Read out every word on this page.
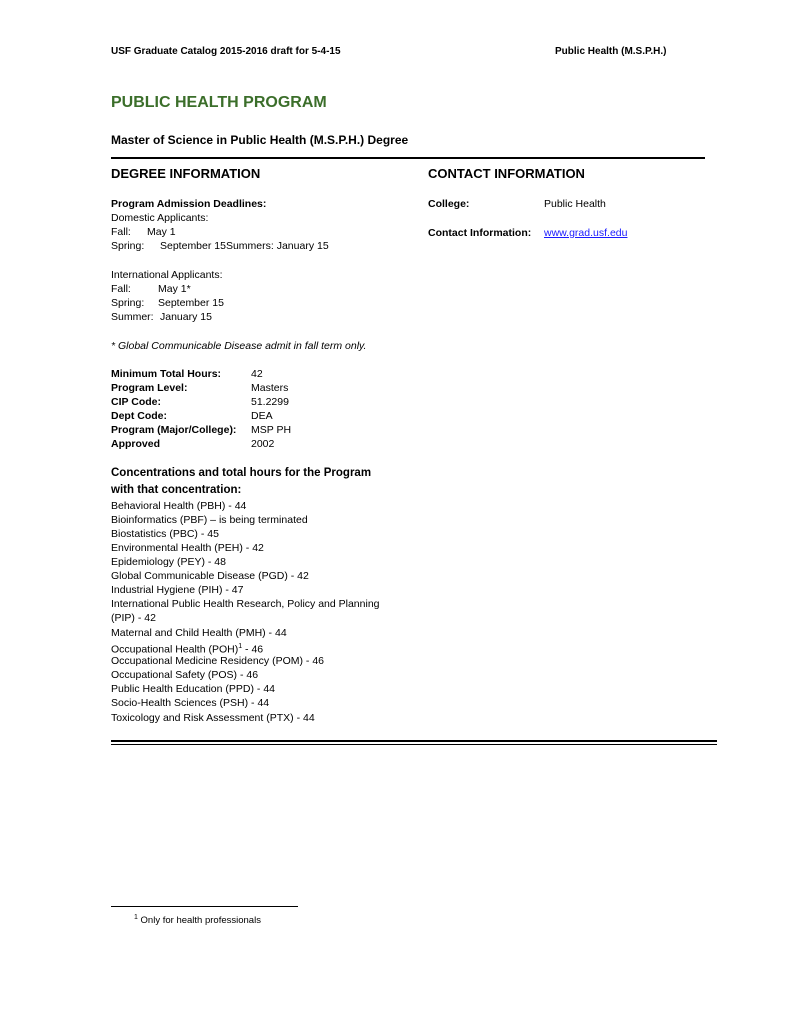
USF Graduate Catalog 2015-2016 draft for 5-4-15	Public Health (M.S.P.H.)
PUBLIC HEALTH PROGRAM
Master of Science in Public Health (M.S.P.H.) Degree
DEGREE INFORMATION	CONTACT INFORMATION
Program Admission Deadlines:
Domestic Applicants:
Fall: May 1
Spring: September 15Summers: January 15
International Applicants:
Fall:	May 1*
Spring: September 15
Summer: January 15
* Global Communicable Disease admit in fall term only.
Minimum Total Hours:	42
Program Level:	Masters
CIP Code:	51.2299
Dept Code:	DEA
Program (Major/College):	MSP PH
Approved	2002
Concentrations and total hours for the Program
with that concentration:
Behavioral Health (PBH) - 44
Bioinformatics (PBF) – is being terminated
Biostatistics (PBC) - 45
Environmental Health (PEH) - 42
Epidemiology (PEY) - 48
Global Communicable Disease (PGD) - 42
Industrial Hygiene (PIH) - 47
International Public Health Research, Policy and Planning
(PIP) - 42
Maternal and Child Health (PMH) - 44
Occupational Health (POH)$^1$ - 46
Occupational Medicine Residency (POM) - 46
Occupational Safety (POS) - 46
Public Health Education (PPD) - 44
Socio-Health Sciences (PSH) - 44
Toxicology and Risk Assessment (PTX) - 44
College:	Public Health
Contact Information: www.grad.usf.edu
$^1$ Only for health professionals
